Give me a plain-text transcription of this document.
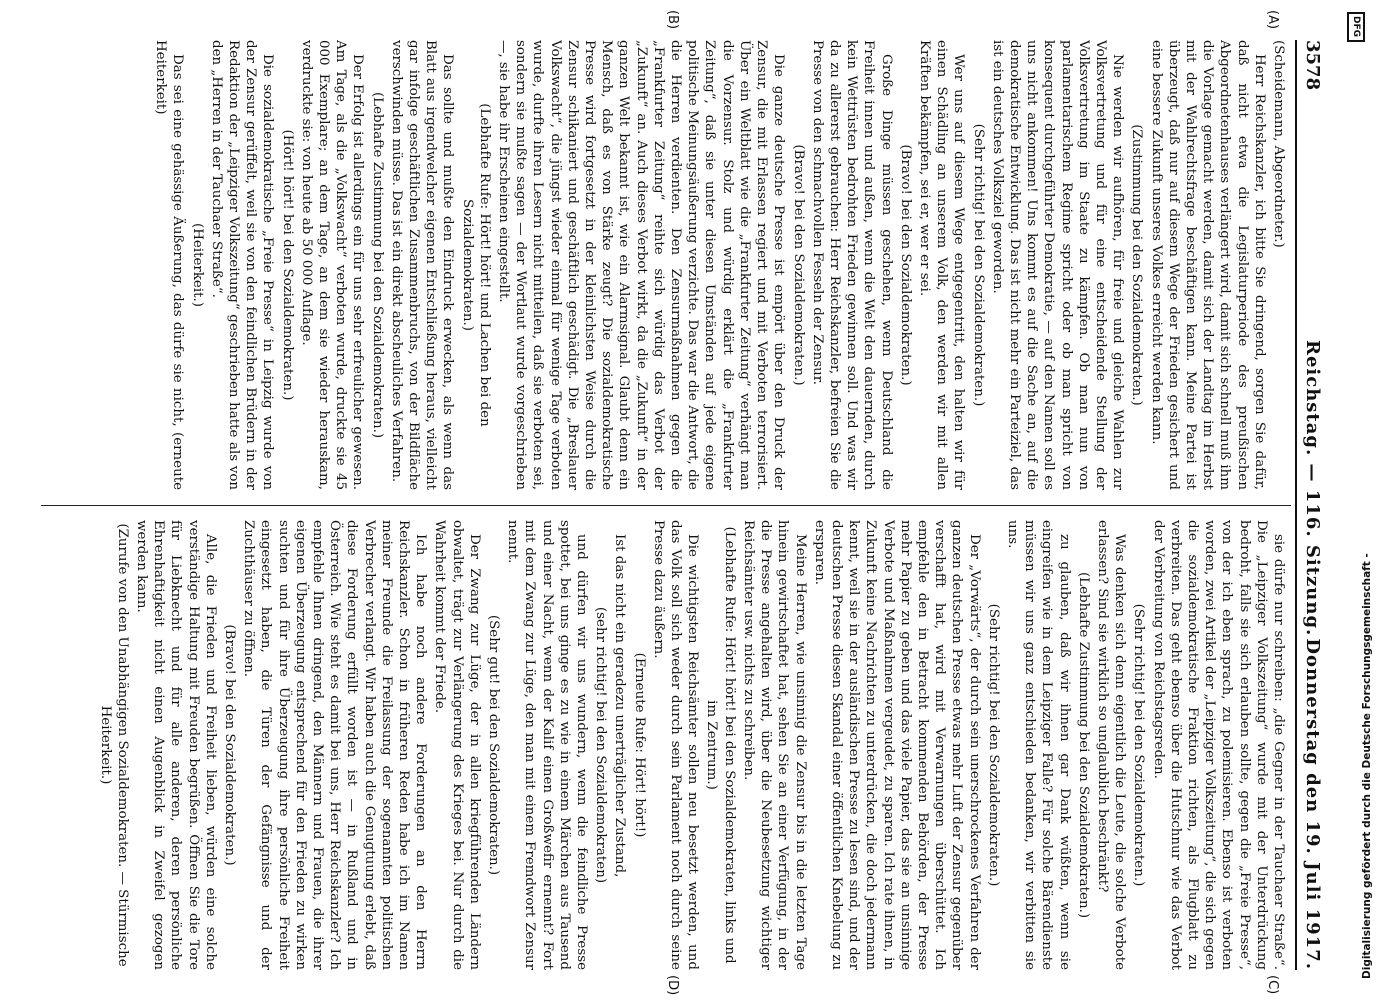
3578
Reichstag. — 116. Sitzung.
Donnerstag den 19. Juli 1917.
(A)
(B)
(C)
(D)

(Scheidemann, Abgeordneter.)

Herr Reichskanzler, ich bitte Sie dringend, sorgen Sie dafür, daß nicht etwa die Legislaturperiode des preußischen Abgeordnetenhauses verlängert wird, damit sich schnell muß ihm die Vorlage gemacht werden, damit sich der Landtag im Herbst mit der Wahlrechtsfrage beschäftigen kann. Meine Partei ist überzeugt, daß nur auf diesem Wege der Frieden gesichert und eine bessere Zukunft unseres Volkes erreicht werden kann.

(Zustimmung bei den Sozialdemokraten.)

Nie werden wir aufhören, für freie und gleiche Wahlen zur Volksvertretung und für eine entscheidende Stellung der Volksvertretung im Staate zu kämpfen. Ob man nun von parlamentarischem Regime spricht oder ob man spricht von konsequent durchgeführter Demokratie, — auf den Namen soll es uns nicht ankommen! Uns kommt es auf die Sache an, auf die demokratische Entwicklung. Das ist nicht mehr ein Parteiziel, das ist ein deutsches Volksziel geworden.

(Sehr richtig! bei den Sozialdemokraten.)

Wer uns auf diesem Wege entgegentritt, den halten wir für einen Schädling an unserem Volk, den werden wir mit allen Kräften bekämpfen, sei er, wer er sei.

(Bravo! bei den Sozialdemokraten.)

Große Dinge müssen geschehen, wenn Deutschland die Freiheit innen und außen, wenn die Welt den dauernden, durch kein Wettrüsten bedrohten Frieden gewinnen soll. Und was wir da zu allererst gebrauchen: Herr Reichskanzler, befreien Sie die Presse von den schmachvollen Fesseln der Zensur.

(Bravo! bei den Sozialdemokraten.)

Die ganze deutsche Presse ist empört über den Druck der Zensur, die mit Erlassen regiert und mit Verboten terrorisiert. Über ein Weltblatt wie die „Frankfurter Zeitung“ verhängt man die Vorzensur. Stolz und würdig erklärt die „Frankfurter Zeitung“, daß sie unter diesen Umständen auf jede eigene politische Meinungsäußerung verzichte. Das war die Antwort, die die Herren verdienten. Den Zensurmaßnahmen gegen die „Frankfurter Zeitung“ reihte sich würdig das Verbot der „Zukunft“ an. Auch dieses Verbot wirkt, da die „Zukunft“ in der ganzen Welt bekannt ist, wie ein Alarmsignal. Glaubt denn ein Mensch, daß es von Stärke zeugt? Die sozialdemokratische Presse wird fortgesetzt in der kleinlichsten Weise durch die Zensur schikaniert und geschäftlich geschädigt. Die „Breslauer Volkswacht“, die jüngst wieder einmal für wenige Tage verboten wurde, durfte ihren Lesern nicht mitteilen, daß sie verboten sei, sondern sie mußte sagen — der Wortlaut wurde vorgeschrieben —, sie habe ihr Erscheinen eingestellt.

(Lebhafte Rufe: Hört! hört! und Lachen bei den Sozialdemokraten.)

Das sollte und mußte den Eindruck erwecken, als wenn das Blatt aus irgendwelcher eigenen Entschließung heraus, vielleicht gar infolge geschäftlichen Zusammenbruchs, von der Bildfläche verschwinden müsse. Das ist ein direkt abscheuliches Verfahren.

(Lebhafte Zustimmung bei den Sozialdemokraten.)

Der Erfolg ist allerdings ein für uns sehr erfreulicher gewesen. Am Tage, als die „Volkswacht“ verboten wurde, druckte sie 45 000 Exemplare; an dem Tage, an dem sie wieder herauskam, verdruckte sie: von heute ab 50 000 Auflage.

(Hört! hört! bei den Sozialdemokraten.)

Die sozialdemokratische „Freie Presse“ in Leipzig wurde von der Zensur gerüffelt, weil sie von den feindlichen Brüdern in der Redaktion der „Leipziger Volkszeitung“ geschrieben hatte als von den „Herren in der Tauchaer Straße“.

(Heiterkeit.)

Das sei eine gehässige Äußerung, das dürfe sie nicht, (erneute Heiterkeit)

sie dürfe nur schreiben: „die Gegner in der Tauchaer Straße“. Die „Leipziger Volkszeitung“ wurde mit der Unterdrückung bedroht, falls sie sich erlauben sollte, gegen die „Freie Presse“, von der ich eben sprach, zu polemisieren. Ebenso ist verboten worden, zwei Artikel der „Leipziger Volkszeitung“, die sich gegen die sozialdemokratische Fraktion richten, als Flugblatt zu verbreiten. Das geht ebenso über die Hutschnur wie das Verbot der Verbreitung von Reichstagsreden.

(Sehr richtig! bei den Sozialdemokraten.)

Was denken sich denn eigentlich die Leute, die solche Verbote erlassen? Sind sie wirklich so unglaublich beschränkt?

(Lebhafte Zustimmung bei den Sozialdemokraten.)

zu glauben, daß wir ihnen gar Dank wüßten, wenn sie eingreifen wie in dem Leipziger Falle? Für solche Bärendienste müssen wir uns ganz entschieden bedanken, wir verbitten sie uns.

(Sehr richtig! bei den Sozialdemokraten.)

Der „Vorwärts“, der durch sein unerschrockenes Verfahren der ganzen deutschen Presse etwas mehr Luft der Zensur gegenüber verschafft hat, wird mit Verwarnungen überschüttet. Ich empfehle den in Betracht kommenden Behörden, der Presse mehr Papier zu geben und das viele Papier, das sie an unsinnige Verbote und Maßnahmen vergeudet, zu sparen. Ich rate ihnen, in Zukunft keine Nachrichten zu unterdrücken, die doch jedermann kennt, weil sie in der ausländischen Presse zu lesen sind, und der deutschen Presse diesen Skandal einer öffentlichen Knebelung zu ersparen.

Meine Herren, wie unsinnig die Zensur bis in die letzten Tage hinein gewirtschaftet hat, sehen Sie an einer Verfügung, in der die Presse angehalten wird, über die Neubesetzung wichtiger Reichsämter usw. nichts zu schreiben.

(Lebhafte Rufe: Hört! hört! bei den Sozialdemokraten, links und im Zentrum.)

Die wichtigsten Reichsämter sollen neu besetzt werden, und das Volk soll sich weder durch sein Parlament noch durch seine Presse dazu äußern.

(Erneute Rufe: Hört! hört!)

Ist das nicht ein geradezu unerträglicher Zustand,

(sehr richtig! bei den Sozialdemokraten)

und dürfen wir uns wundern, wenn die feindliche Presse spottet, bei uns ginge es zu wie in einem Märchen aus Tausend und einer Nacht, wenn der Kalif einen Großwefir ernennt? Fort mit dem Zwang zur Lüge, den man mit einem Fremdwort Zensur nennt.

(Sehr gut! bei den Sozialdemokraten.)

Der Zwang zur Lüge, der in allen kriegführenden Ländern obwaltet, trägt zur Verlängerung des Krieges bei. Nur durch die Wahrheit kommt der Friede.

Ich habe noch andere Forderungen an den Herrn Reichskanzler. Schon in früheren Reden habe ich im Namen meiner Freunde die Freilassung der sogenannten politischen Verbrecher verlangt. Wir haben auch die Genugtuung erlebt, daß diese Forderung erfüllt worden ist — in Rußland und in Österreich. Wie steht es damit bei uns, Herr Reichskanzler? Ich empfehle Ihnen dringend, den Männern und Frauen, die ihrer eigenen Überzeugung entsprechend für den Frieden zu wirken suchten und für ihre Überzeugung ihre persönliche Freiheit eingesetzt haben, die Türen der Gefängnisse und der Zuchthäuser zu öffnen.

(Bravo! bei den Sozialdemokraten.)

Alle, die Frieden und Freiheit lieben, würden eine solche verständige Haltung mit Freuden begrüßen. Öffnen Sie die Tore für Liebknecht und für alle anderen, deren persönliche Ehrenhaftigkeit nicht einen Augenblick in Zweifel gezogen werden kann.

(Zurufe von den Unabhängigen Sozialdemokraten. — Stürmische Heiterkeit.)

DFG
Digitalisierung gefördert durch die Deutsche Forschungsgemeinschaft -
